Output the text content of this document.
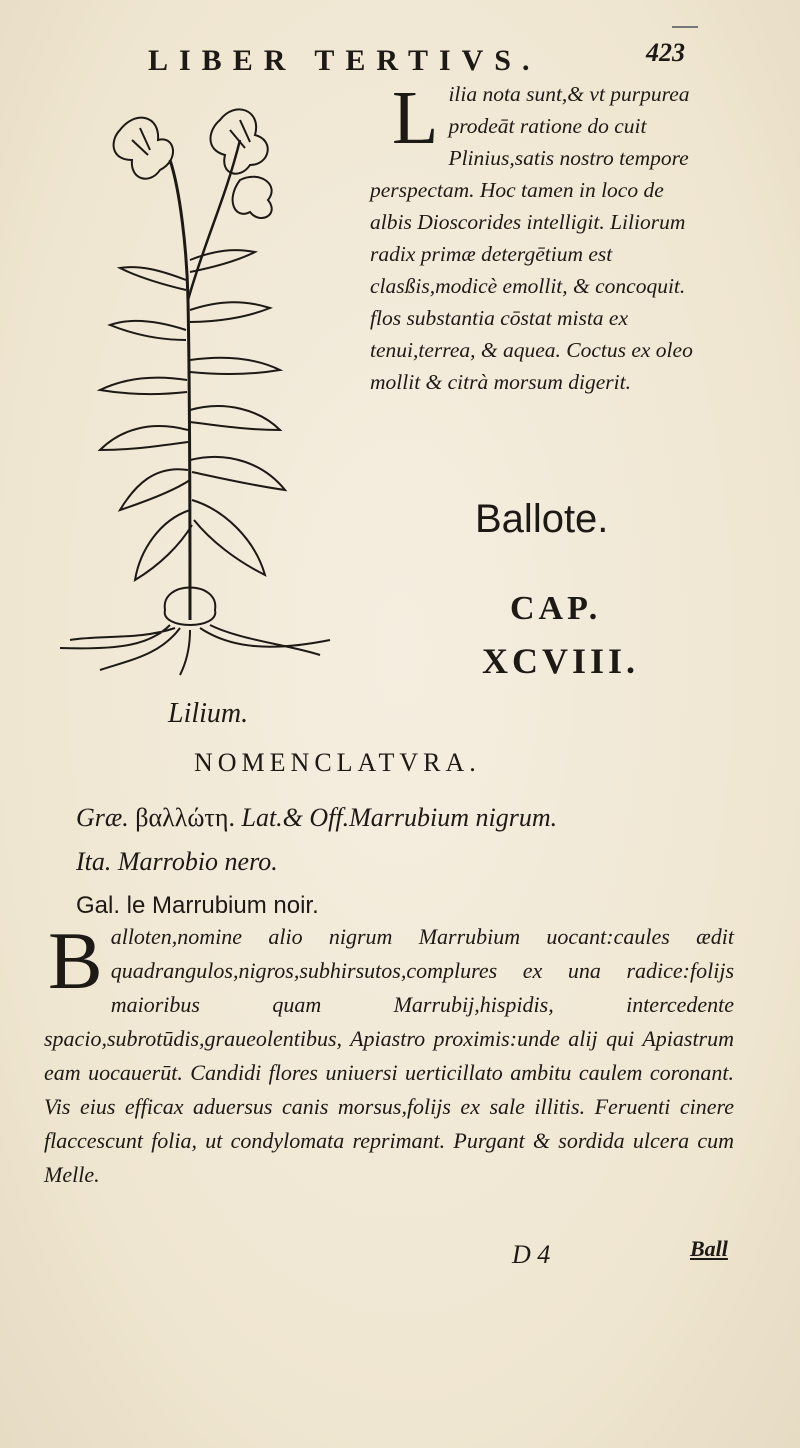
LIBER TERTIVS.	423
Lilium.
L ilia nota sunt,& vt purpurea prodeāt ratione do cuit Plinius,satis nostro tempore perspectam. Hoc tamen in loco de albis Dioscorides intelligit. Liliorum radix primæ detergētium est clasßis,modicè emollit, & concoquit. flos substantia cōstat mista ex tenui,terrea, & aquea. Coctus ex oleo mollit & citrà morsum digerit.
Ballote.
CAP.
XCVIII.
NOMENCLATVRA.
Græ. βαλλώτη. Lat.& Off.Marrubium nigrum.
Ita. Marrobio nero.
Gal. le Marrubium noir.
B alloten,nomine alio nigrum Marrubium uocant:caules ædit quadrangulos,nigros,subhirsutos,complures ex una radice:folijs maioribus quam Marrubij,hispidis, intercedente spacio,subrotūdis,graueolentibus, Apiastro proximis:unde alij qui Apiastrum eam uocauerūt. Candidi flores uniuersi uerticillato ambitu caulem coronant. Vis eius efficax aduersus canis morsus,folijs ex sale illitis. Feruenti cinere flaccescunt folia, ut condylomata reprimant. Purgant & sordida ulcera cum Melle.
D 4	Ball
